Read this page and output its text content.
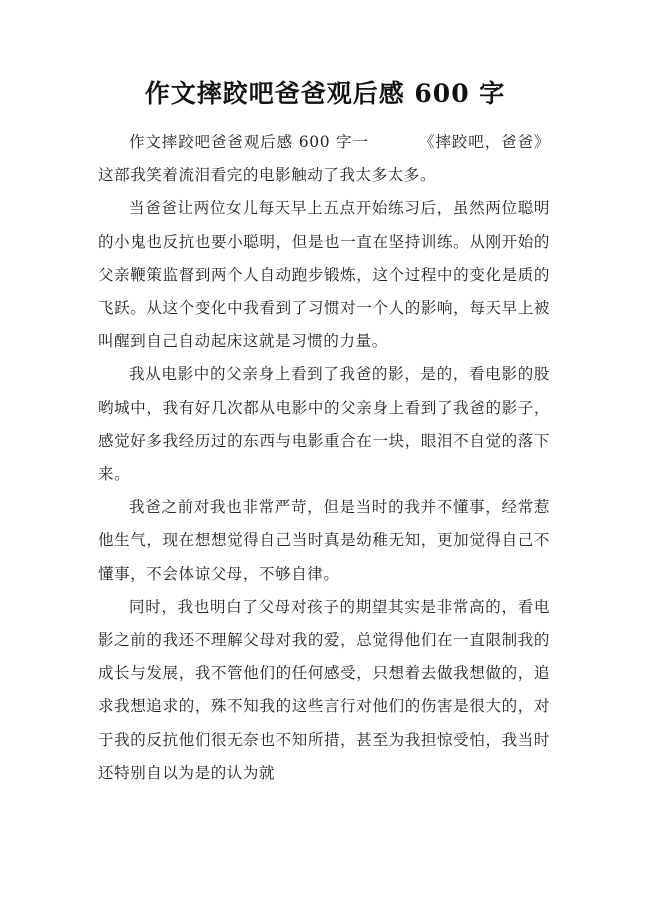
作文摔跤吧爸爸观后感 600 字

作文摔跤吧爸爸观后感 600 字一	《摔跤吧，爸爸》这部我笑着流泪看完的电影触动了我太多太多。

当爸爸让两位女儿每天早上五点开始练习后，虽然两位聪明的小鬼也反抗也要小聪明，但是也一直在坚持训练。从刚开始的父亲鞭策监督到两个人自动跑步锻炼，这个过程中的变化是质的飞跃。从这个变化中我看到了习惯对一个人的影响，每天早上被叫醒到自己自动起床这就是习惯的力量。

我从电影中的父亲身上看到了我爸的影，是的，看电影的股哟城中，我有好几次都从电影中的父亲身上看到了我爸的影子，感觉好多我经历过的东西与电影重合在一块，眼泪不自觉的落下来。

我爸之前对我也非常严苛，但是当时的我并不懂事，经常惹他生气，现在想想觉得自己当时真是幼稚无知，更加觉得自己不懂事，不会体谅父母，不够自律。

同时，我也明白了父母对孩子的期望其实是非常高的，看电影之前的我还不理解父母对我的爱，总觉得他们在一直限制我的成长与发展，我不管他们的任何感受，只想着去做我想做的，追求我想追求的，殊不知我的这些言行对他们的伤害是很大的，对于我的反抗他们很无奈也不知所措，甚至为我担惊受怕，我当时还特别自以为是的认为就
